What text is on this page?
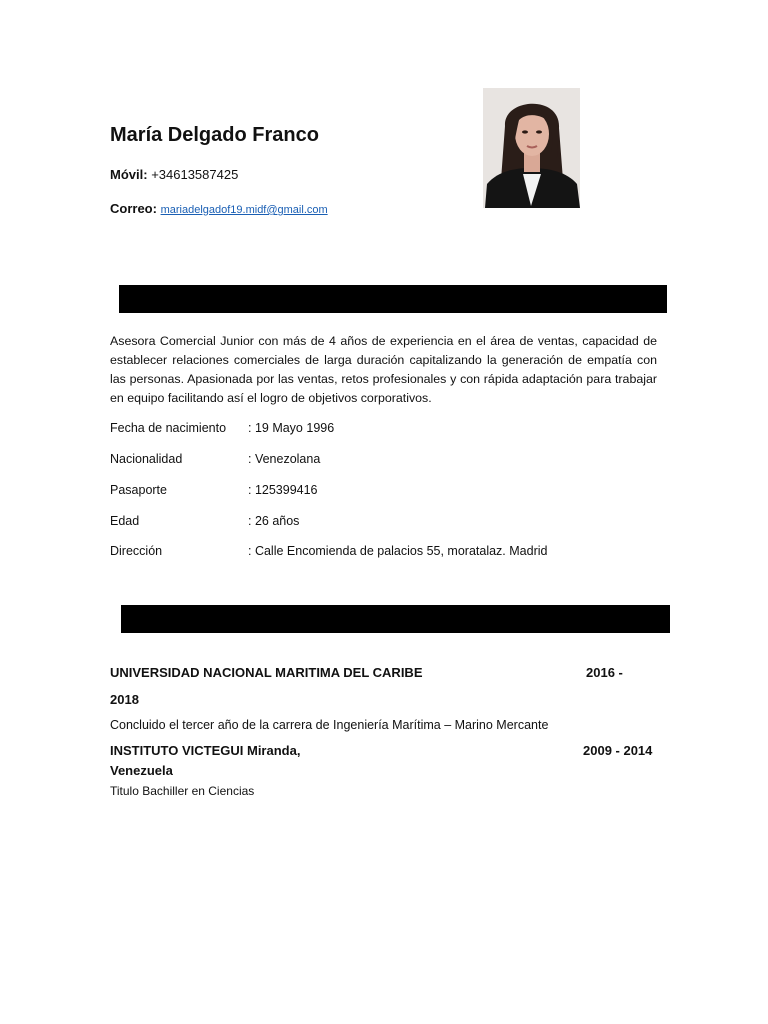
María Delgado Franco
Móvil: +34613587425
Correo: mariadelgadof19.midf@gmail.com
Asesora Comercial Junior con más de 4 años de experiencia en el área de ventas, capacidad de establecer relaciones comerciales de larga duración capitalizando la generación de empatía con las personas. Apasionada por las ventas, retos profesionales y con rápida adaptación para trabajar en equipo facilitando así el logro de objetivos corporativos.
Fecha de nacimiento : 19 Mayo 1996
Nacionalidad	: Venezolana
Pasaporte	: 125399416
Edad	: 26 años
Dirección	: Calle Encomienda de palacios 55, moratalaz. Madrid
UNIVERSIDAD NACIONAL MARITIMA DEL CARIBE	2016 -
2018
Concluido el tercer año de la carrera de Ingeniería Marítima – Marino Mercante
INSTITUTO VICTEGUI Miranda,	2009 - 2014
Venezuela
Titulo Bachiller en Ciencias
